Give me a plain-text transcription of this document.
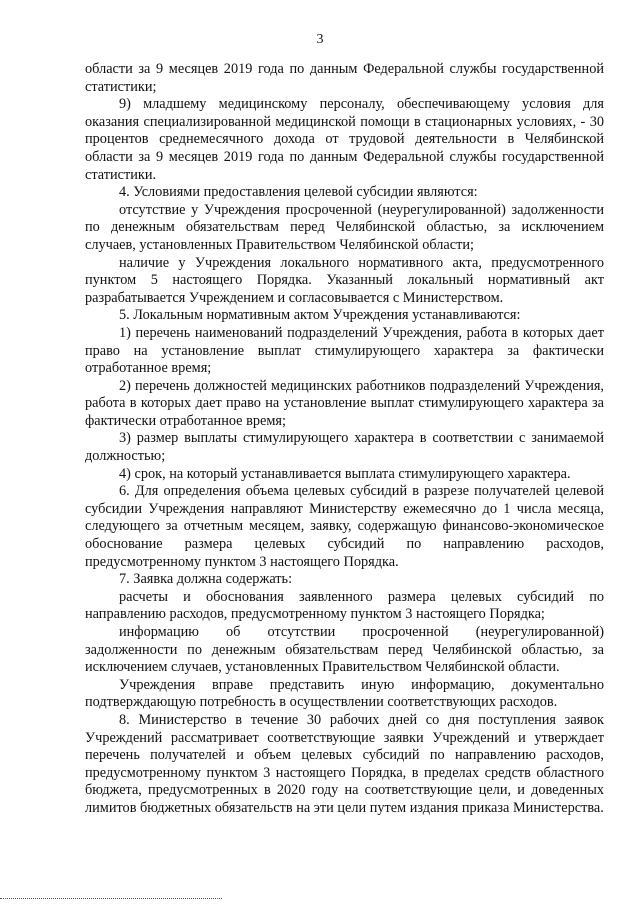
3

области за 9 месяцев 2019 года по данным Федеральной службы государственной статистики;

9) младшему медицинскому персоналу, обеспечивающему условия для оказания специализированной медицинской помощи в стационарных условиях, - 30 процентов среднемесячного дохода от трудовой деятельности в Челябинской области за 9 месяцев 2019 года по данным Федеральной службы государственной статистики.

4. Условиями предоставления целевой субсидии являются:

отсутствие у Учреждения просроченной (неурегулированной) задолженности по денежным обязательствам перед Челябинской областью, за исключением случаев, установленных Правительством Челябинской области;

наличие у Учреждения локального нормативного акта, предусмотренного пунктом 5 настоящего Порядка. Указанный локальный нормативный акт разрабатывается Учреждением и согласовывается с Министерством.

5. Локальным нормативным актом Учреждения устанавливаются:

1) перечень наименований подразделений Учреждения, работа в которых дает право на установление выплат стимулирующего характера за фактически отработанное время;

2) перечень должностей медицинских работников подразделений Учреждения, работа в которых дает право на установление выплат стимулирующего характера за фактически отработанное время;

3) размер выплаты стимулирующего характера в соответствии с занимаемой должностью;

4) срок, на который устанавливается выплата стимулирующего характера.

6. Для определения объема целевых субсидий в разрезе получателей целевой субсидии Учреждения направляют Министерству ежемесячно до 1 числа месяца, следующего за отчетным месяцем, заявку, содержащую финансово-экономическое обоснование размера целевых субсидий по направлению расходов, предусмотренному пунктом 3 настоящего Порядка.

7. Заявка должна содержать:

расчеты и обоснования заявленного размера целевых субсидий по направлению расходов, предусмотренному пунктом 3 настоящего Порядка;

информацию об отсутствии просроченной (неурегулированной) задолженности по денежным обязательствам перед Челябинской областью, за исключением случаев, установленных Правительством Челябинской области.

Учреждения вправе представить иную информацию, документально подтверждающую потребность в осуществлении соответствующих расходов.

8. Министерство в течение 30 рабочих дней со дня поступления заявок Учреждений рассматривает соответствующие заявки Учреждений и утверждает перечень получателей и объем целевых субсидий по направлению расходов, предусмотренному пунктом 3 настоящего Порядка, в пределах средств областного бюджета, предусмотренных в 2020 году на соответствующие цели, и доведенных лимитов бюджетных обязательств на эти цели путем издания приказа Министерства.
